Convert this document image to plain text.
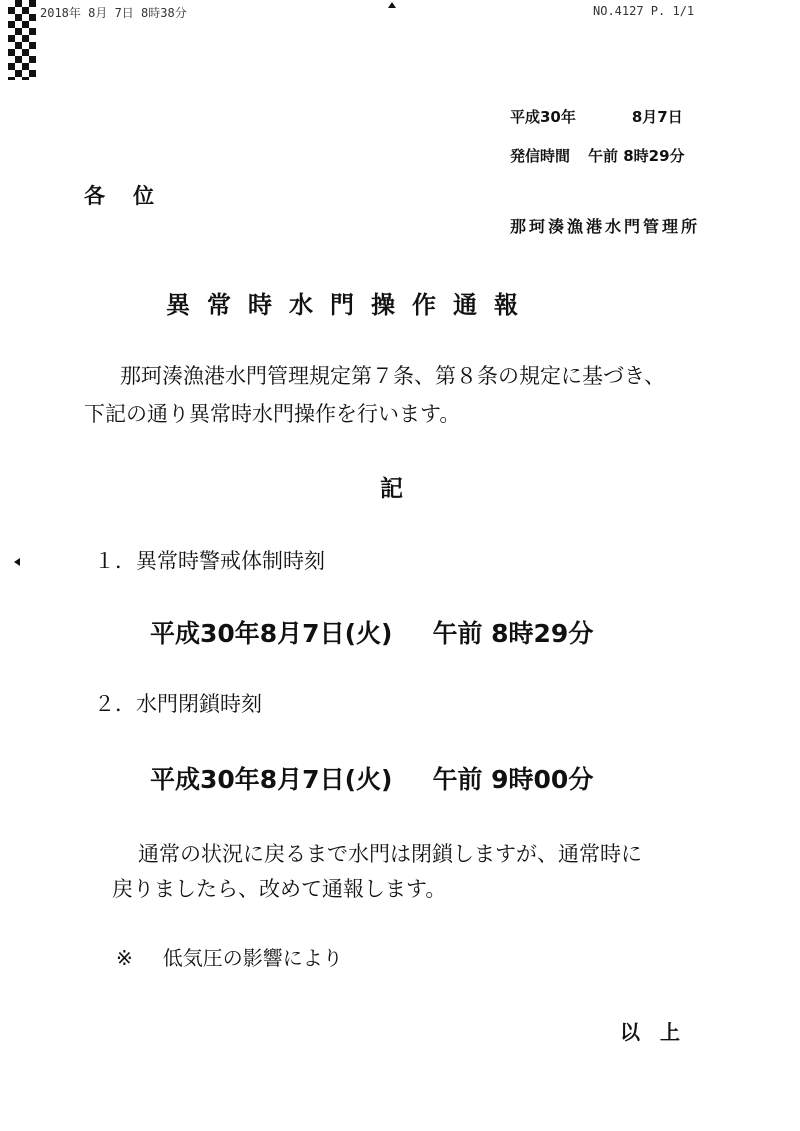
2018年 8月 7日 8時38分	NO.4127 P. 1/1
平成30年	8月7日
発信時間 午前 8時29分
各位
那珂湊漁港水門管理所
異常時水門操作通報
那珂湊漁港水門管理規定第７条、第８条の規定に基づき、
下記の通り異常時水門操作を行います。
記
１．異常時警戒体制時刻
平成30年8月7日(火) 午前 8時29分
２．水門閉鎖時刻
平成30年8月7日(火) 午前 9時00分
通常の状況に戻るまで水門は閉鎖しますが、通常時に
戻りましたら、改めて通報します。
※ 低気圧の影響により
以上
